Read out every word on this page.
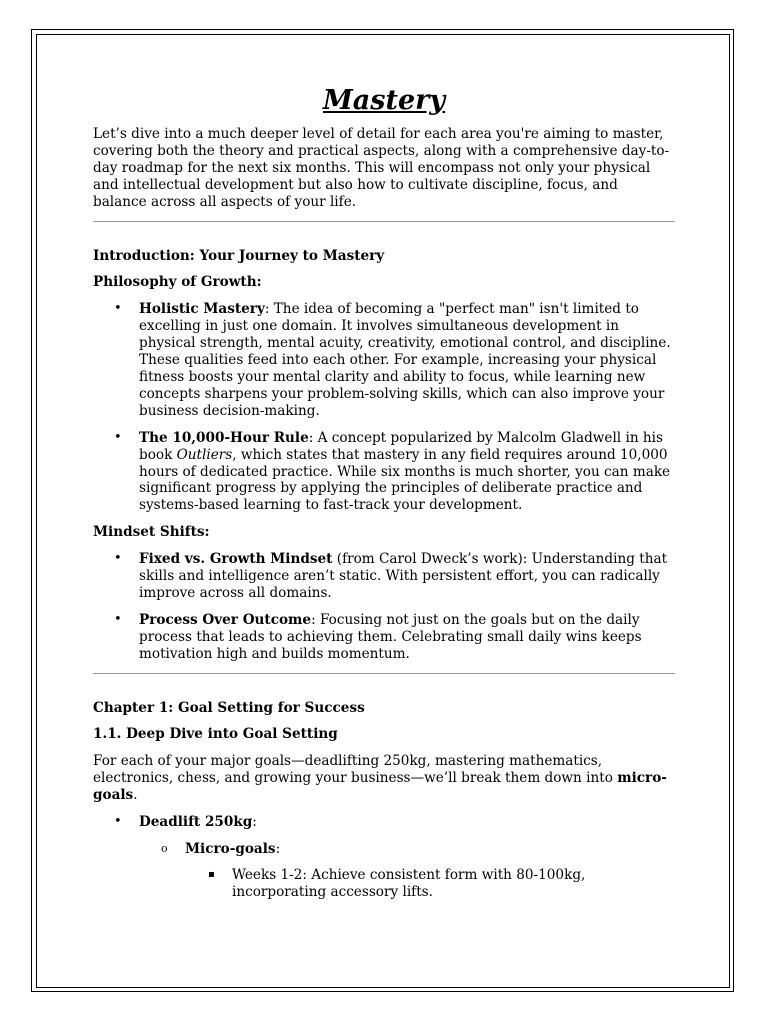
Mastery

Let’s dive into a much deeper level of detail for each area you're aiming to master, covering both the theory and practical aspects, along with a comprehensive day-to-day roadmap for the next six months. This will encompass not only your physical and intellectual development but also how to cultivate discipline, focus, and balance across all aspects of your life.

Introduction: Your Journey to Mastery

Philosophy of Growth:

• Holistic Mastery: The idea of becoming a "perfect man" isn't limited to excelling in just one domain. It involves simultaneous development in physical strength, mental acuity, creativity, emotional control, and discipline. These qualities feed into each other. For example, increasing your physical fitness boosts your mental clarity and ability to focus, while learning new concepts sharpens your problem-solving skills, which can also improve your business decision-making.
• The 10,000-Hour Rule: A concept popularized by Malcolm Gladwell in his book Outliers, which states that mastery in any field requires around 10,000 hours of dedicated practice. While six months is much shorter, you can make significant progress by applying the principles of deliberate practice and systems-based learning to fast-track your development.

Mindset Shifts:

• Fixed vs. Growth Mindset (from Carol Dweck’s work): Understanding that skills and intelligence aren’t static. With persistent effort, you can radically improve across all domains.
• Process Over Outcome: Focusing not just on the goals but on the daily process that leads to achieving them. Celebrating small daily wins keeps motivation high and builds momentum.

Chapter 1: Goal Setting for Success

1.1. Deep Dive into Goal Setting

For each of your major goals—deadlifting 250kg, mastering mathematics, electronics, chess, and growing your business—we’ll break them down into micro-goals.

• Deadlift 250kg:
o Micro-goals:
▪ Weeks 1-2: Achieve consistent form with 80-100kg, incorporating accessory lifts.
